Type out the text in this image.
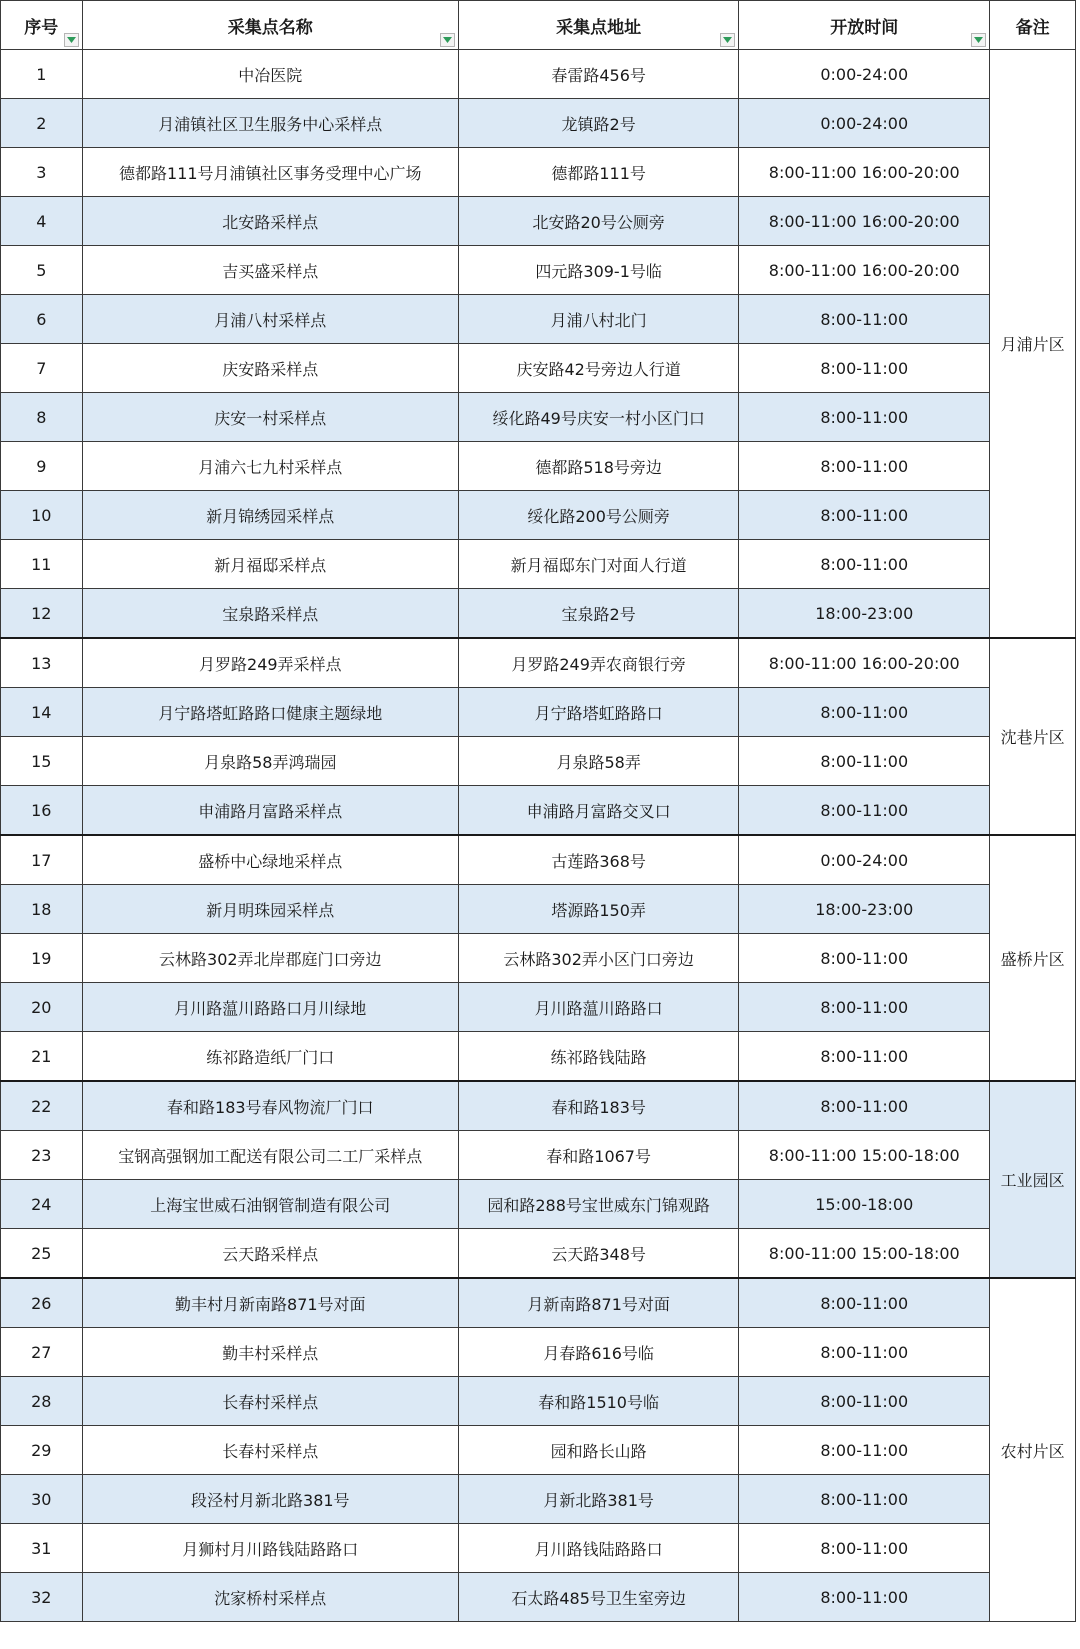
序号	采集点名称	采集点地址	开放时间	备注
1	中冶医院	春雷路456号	0:00-24:00	月浦片区
2	月浦镇社区卫生服务中心采样点	龙镇路2号	0:00-24:00	
3	德都路111号月浦镇社区事务受理中心广场	德都路111号	8:00-11:00 16:00-20:00	
4	北安路采样点	北安路20号公厕旁	8:00-11:00 16:00-20:00	
5	吉买盛采样点	四元路309-1号临	8:00-11:00 16:00-20:00	
6	月浦八村采样点	月浦八村北门	8:00-11:00	
7	庆安路采样点	庆安路42号旁边人行道	8:00-11:00	
8	庆安一村采样点	绥化路49号庆安一村小区门口	8:00-11:00	
9	月浦六七九村采样点	德都路518号旁边	8:00-11:00	
10	新月锦绣园采样点	绥化路200号公厕旁	8:00-11:00	
11	新月福邸采样点	新月福邸东门对面人行道	8:00-11:00	
12	宝泉路采样点	宝泉路2号	18:00-23:00	
13	月罗路249弄采样点	月罗路249弄农商银行旁	8:00-11:00 16:00-20:00	沈巷片区
14	月宁路塔虹路路口健康主题绿地	月宁路塔虹路路口	8:00-11:00	
15	月泉路58弄鸿瑞园	月泉路58弄	8:00-11:00	
16	申浦路月富路采样点	申浦路月富路交叉口	8:00-11:00	
17	盛桥中心绿地采样点	古莲路368号	0:00-24:00	盛桥片区
18	新月明珠园采样点	塔源路150弄	18:00-23:00	
19	云林路302弄北岸郡庭门口旁边	云林路302弄小区门口旁边	8:00-11:00	
20	月川路蕰川路路口月川绿地	月川路蕰川路路口	8:00-11:00	
21	练祁路造纸厂门口	练祁路钱陆路	8:00-11:00	
22	春和路183号春风物流厂门口	春和路183号	8:00-11:00	工业园区
23	宝钢高强钢加工配送有限公司二工厂采样点	春和路1067号	8:00-11:00 15:00-18:00	
24	上海宝世威石油钢管制造有限公司	园和路288号宝世威东门锦观路	15:00-18:00	
25	云天路采样点	云天路348号	8:00-11:00 15:00-18:00	
26	勤丰村月新南路871号对面	月新南路871号对面	8:00-11:00	农村片区
27	勤丰村采样点	月春路616号临	8:00-11:00	
28	长春村采样点	春和路1510号临	8:00-11:00	
29	长春村采样点	园和路长山路	8:00-11:00	
30	段泾村月新北路381号	月新北路381号	8:00-11:00	
31	月狮村月川路钱陆路路口	月川路钱陆路路口	8:00-11:00	
32	沈家桥村采样点	石太路485号卫生室旁边	8:00-11:00	
